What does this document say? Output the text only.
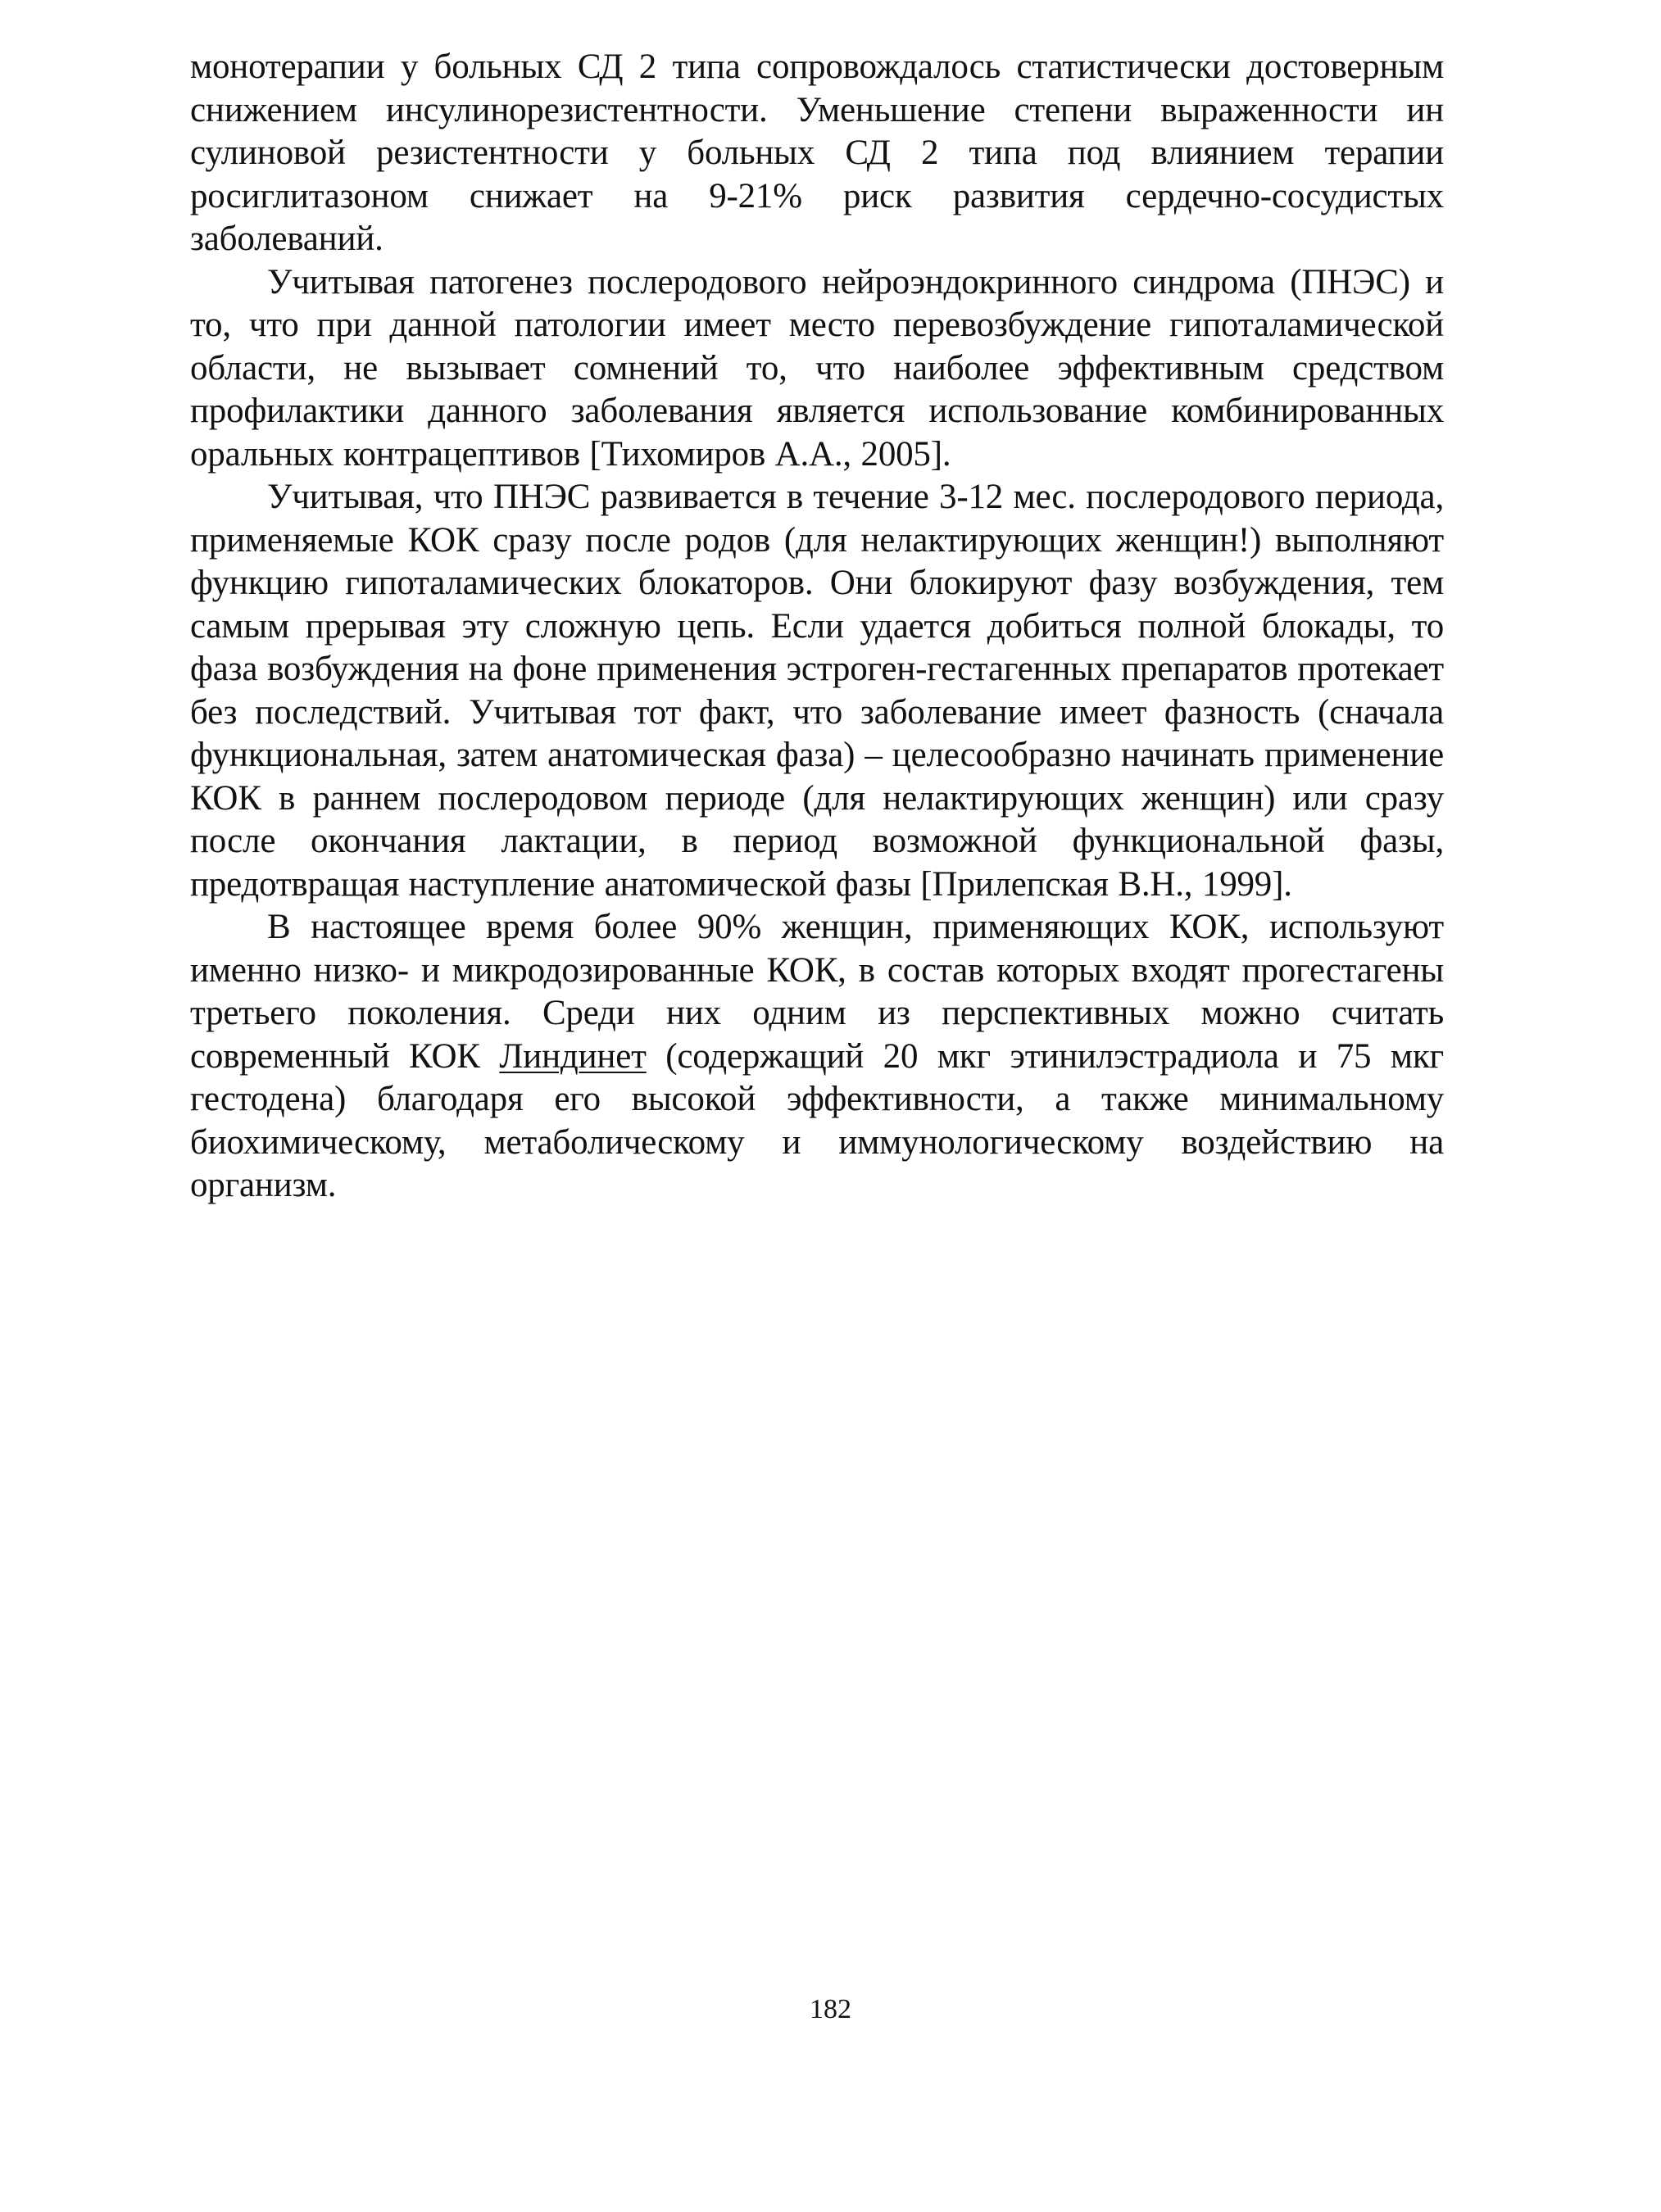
монотерапии у больных СД 2 типа сопровождалось статистически достоверным снижением инсулинорезистентности. Уменьшение степени выраженности ин сулиновой резистентности у больных СД 2 типа под влиянием терапии росиглитазоном снижает на 9-21% риск развития сердечно-сосудистых заболеваний.

Учитывая патогенез послеродового нейроэндокринного синдрома (ПНЭС) и то, что при данной патологии имеет место перевозбуждение гипоталамической области, не вызывает сомнений то, что наиболее эффективным средством профилактики данного заболевания является использование комбинированных оральных контрацептивов [Тихомиров А.А., 2005].

Учитывая, что ПНЭС развивается в течение 3-12 мес. послеродового периода, применяемые КОК сразу после родов (для нелактирующих женщин!) выполняют функцию гипоталамических блокаторов. Они блокируют фазу возбуждения, тем самым прерывая эту сложную цепь. Если удается добиться полной блокады, то фаза возбуждения на фоне применения эстроген-гестагенных препаратов протекает без последствий. Учитывая тот факт, что заболевание имеет фазность (сначала функциональная, затем анатомическая фаза) – целесообразно начинать применение КОК в раннем послеродовом периоде (для нелактирующих женщин) или сразу после окончания лактации, в период возможной функциональной фазы, предотвращая наступление анатомической фазы [Прилепская В.Н., 1999].

В настоящее время более 90% женщин, применяющих КОК, используют именно низко- и микродозированные КОК, в состав которых входят прогестагены третьего поколения. Среди них одним из перспективных можно считать современный КОК Линдинет (содержащий 20 мкг этинилэстрадиола и 75 мкг гестодена) благодаря его высокой эффективности, а также минимальному биохимическому, метаболическому и иммунологическому воздействию на организм.

182
